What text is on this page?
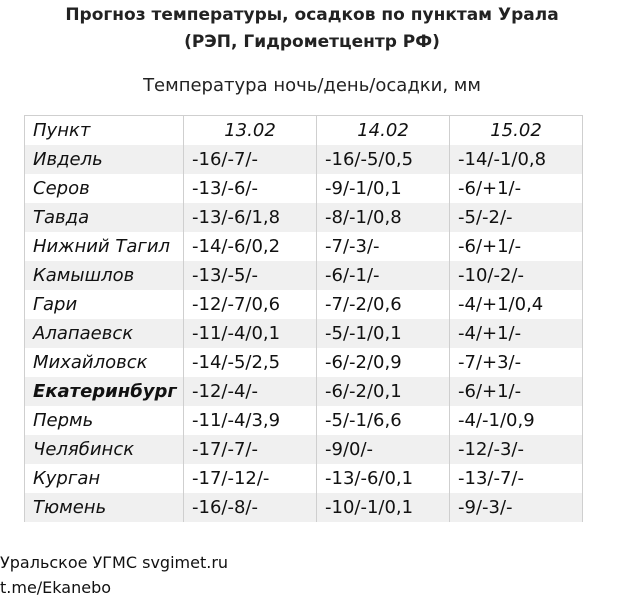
Прогноз температуры, осадков по пунктам Урала
(РЭП, Гидрометцентр РФ)
Температура ночь/день/осадки, мм
Пункт	13.02	14.02	15.02
Ивдель	-16/-7/-	-16/-5/0,5	-14/-1/0,8
Серов	-13/-6/-	-9/-1/0,1	-6/+1/-
Тавда	-13/-6/1,8	-8/-1/0,8	-5/-2/-
Нижний Тагил	-14/-6/0,2	-7/-3/-	-6/+1/-
Камышлов	-13/-5/-	-6/-1/-	-10/-2/-
Гари	-12/-7/0,6	-7/-2/0,6	-4/+1/0,4
Алапаевск	-11/-4/0,1	-5/-1/0,1	-4/+1/-
Михайловск	-14/-5/2,5	-6/-2/0,9	-7/+3/-
Екатеринбург	-12/-4/-	-6/-2/0,1	-6/+1/-
Пермь	-11/-4/3,9	-5/-1/6,6	-4/-1/0,9
Челябинск	-17/-7/-	-9/0/-	-12/-3/-
Курган	-17/-12/-	-13/-6/0,1	-13/-7/-
Тюмень	-16/-8/-	-10/-1/0,1	-9/-3/-
Уральское УГМС svgimet.ru
t.me/Ekanebo
